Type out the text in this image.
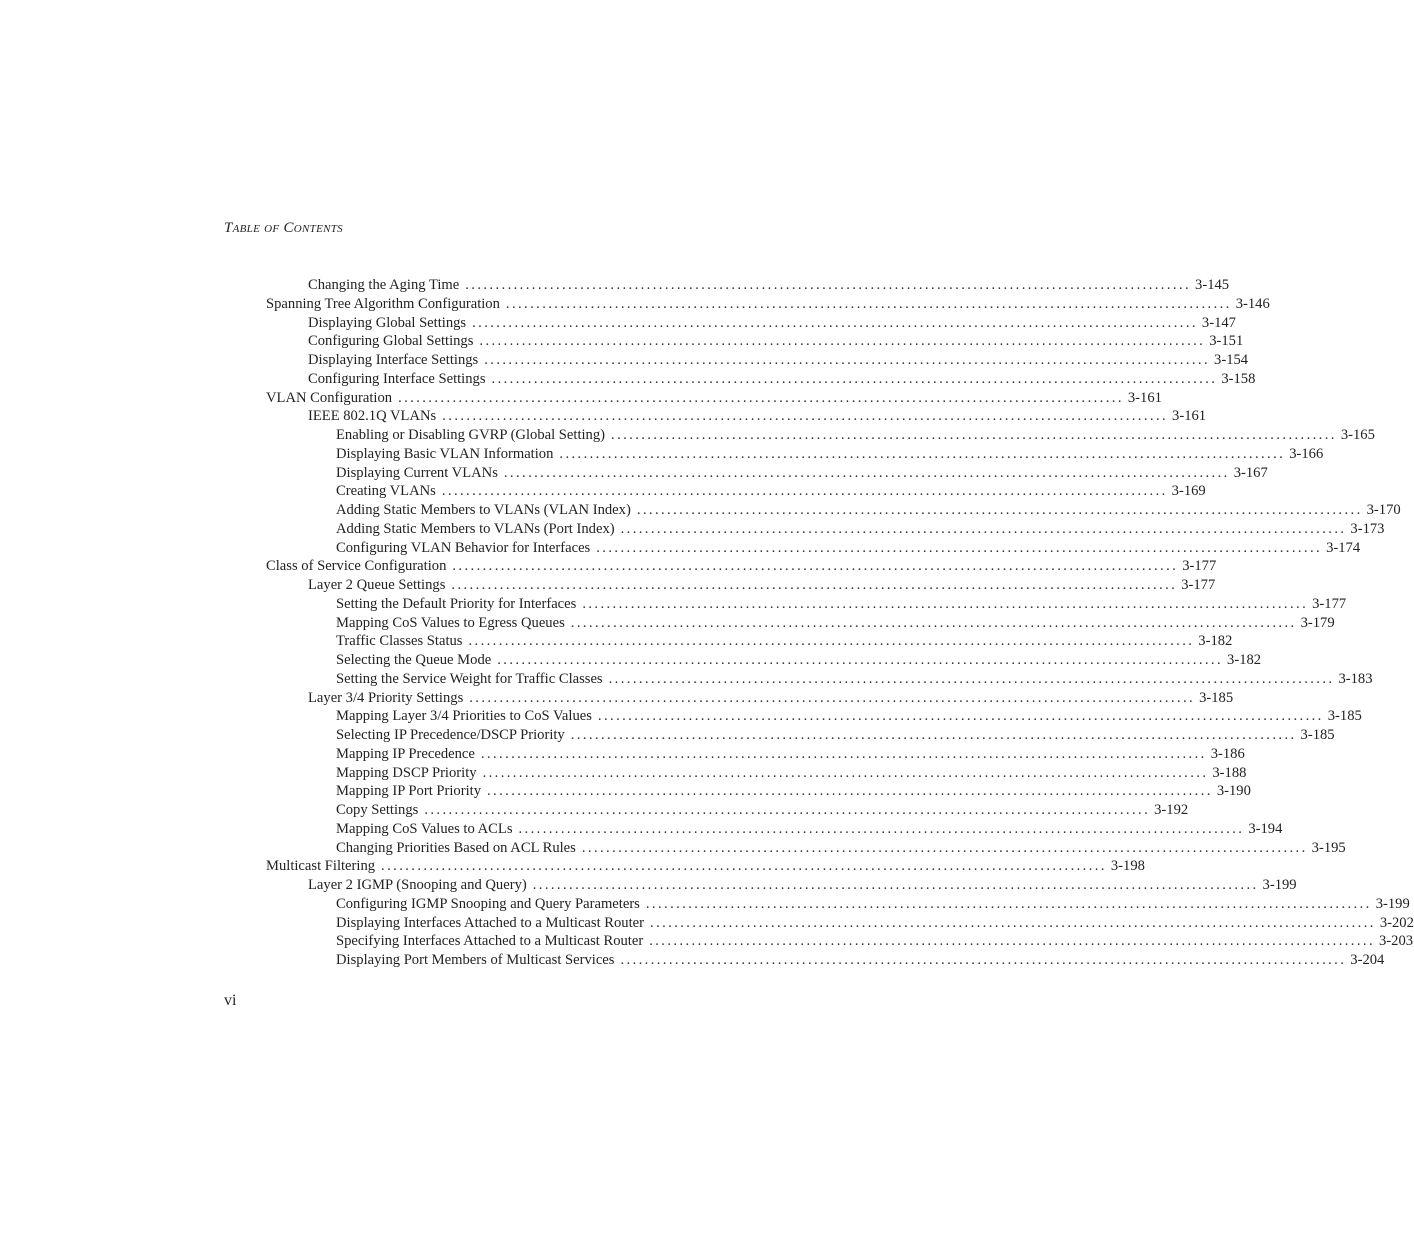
Table of Contents
Changing the Aging Time ........................................................................................................................ 3-145
Spanning Tree Algorithm Configuration ........................................................................................................................ 3-146
Displaying Global Settings ........................................................................................................................ 3-147
Configuring Global Settings ........................................................................................................................ 3-151
Displaying Interface Settings ........................................................................................................................ 3-154
Configuring Interface Settings ........................................................................................................................ 3-158
VLAN Configuration ........................................................................................................................ 3-161
IEEE 802.1Q VLANs ........................................................................................................................ 3-161
Enabling or Disabling GVRP (Global Setting) ........................................................................................................................ 3-165
Displaying Basic VLAN Information ........................................................................................................................ 3-166
Displaying Current VLANs ........................................................................................................................ 3-167
Creating VLANs ........................................................................................................................ 3-169
Adding Static Members to VLANs (VLAN Index) ........................................................................................................................ 3-170
Adding Static Members to VLANs (Port Index) ........................................................................................................................ 3-173
Configuring VLAN Behavior for Interfaces ........................................................................................................................ 3-174
Class of Service Configuration ........................................................................................................................ 3-177
Layer 2 Queue Settings ........................................................................................................................ 3-177
Setting the Default Priority for Interfaces ........................................................................................................................ 3-177
Mapping CoS Values to Egress Queues ........................................................................................................................ 3-179
Traffic Classes Status ........................................................................................................................ 3-182
Selecting the Queue Mode ........................................................................................................................ 3-182
Setting the Service Weight for Traffic Classes ........................................................................................................................ 3-183
Layer 3/4 Priority Settings ........................................................................................................................ 3-185
Mapping Layer 3/4 Priorities to CoS Values ........................................................................................................................ 3-185
Selecting IP Precedence/DSCP Priority ........................................................................................................................ 3-185
Mapping IP Precedence ........................................................................................................................ 3-186
Mapping DSCP Priority ........................................................................................................................ 3-188
Mapping IP Port Priority ........................................................................................................................ 3-190
Copy Settings ........................................................................................................................ 3-192
Mapping CoS Values to ACLs ........................................................................................................................ 3-194
Changing Priorities Based on ACL Rules ........................................................................................................................ 3-195
Multicast Filtering ........................................................................................................................ 3-198
Layer 2 IGMP (Snooping and Query) ........................................................................................................................ 3-199
Configuring IGMP Snooping and Query Parameters ........................................................................................................................ 3-199
Displaying Interfaces Attached to a Multicast Router ........................................................................................................................ 3-202
Specifying Interfaces Attached to a Multicast Router ........................................................................................................................ 3-203
Displaying Port Members of Multicast Services ........................................................................................................................ 3-204
vi
